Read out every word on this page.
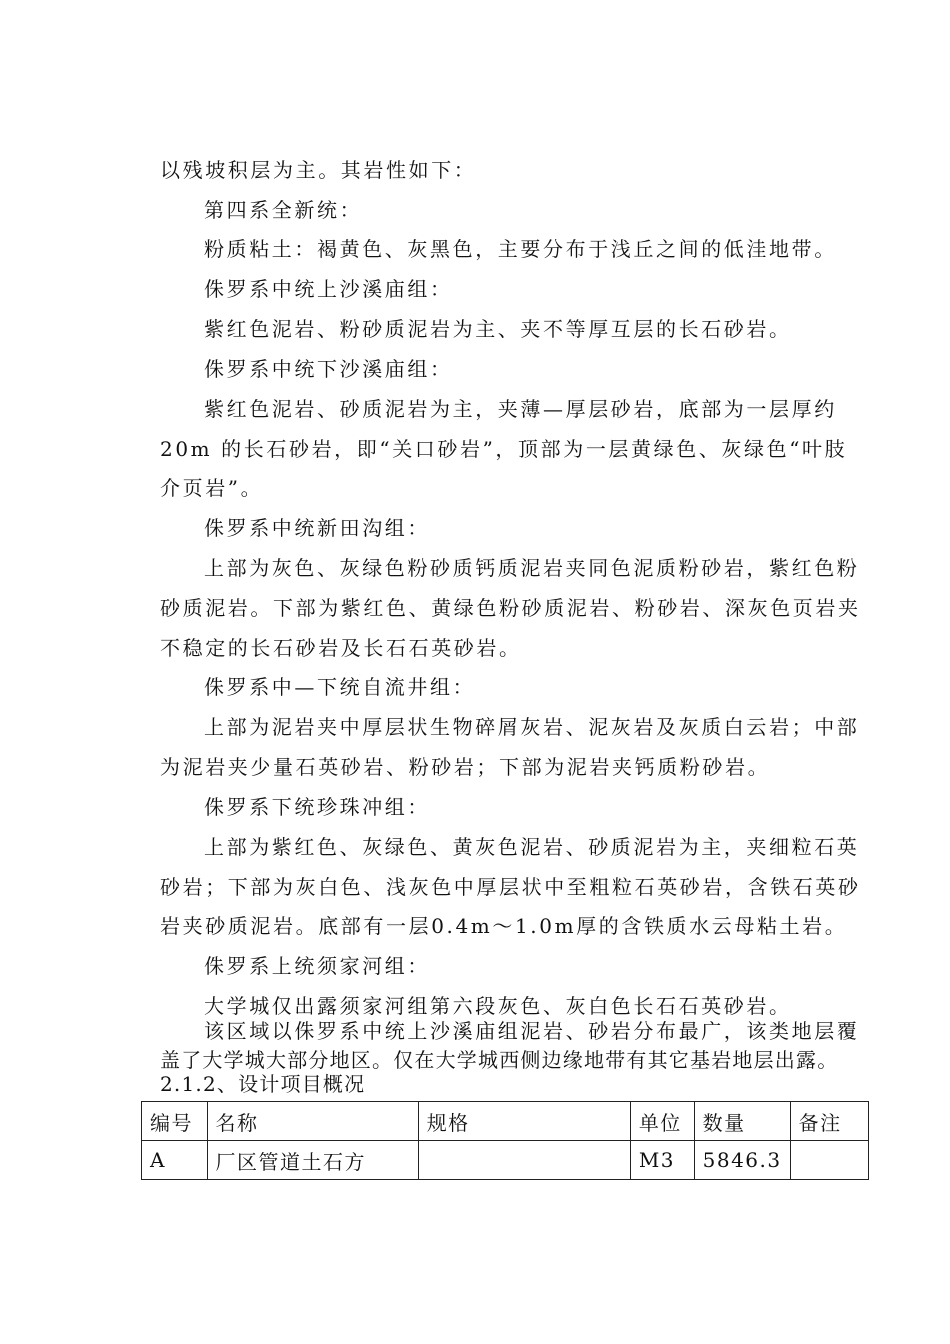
以残坡积层为主。其岩性如下：

第四系全新统：

粉质粘土：褐黄色、灰黑色，主要分布于浅丘之间的低洼地带。

侏罗系中统上沙溪庙组：

紫红色泥岩、粉砂质泥岩为主、夹不等厚互层的长石砂岩。

侏罗系中统下沙溪庙组：

紫红色泥岩、砂质泥岩为主，夹薄—厚层砂岩，底部为一层厚约

20m 的长石砂岩，即“关口砂岩”，顶部为一层黄绿色、灰绿色“叶肢

介页岩”。

侏罗系中统新田沟组：

上部为灰色、灰绿色粉砂质钙质泥岩夹同色泥质粉砂岩，紫红色粉

砂质泥岩。下部为紫红色、黄绿色粉砂质泥岩、粉砂岩、深灰色页岩夹

不稳定的长石砂岩及长石石英砂岩。

侏罗系中—下统自流井组：

上部为泥岩夹中厚层状生物碎屑灰岩、泥灰岩及灰质白云岩；中部

为泥岩夹少量石英砂岩、粉砂岩；下部为泥岩夹钙质粉砂岩。

侏罗系下统珍珠冲组：

上部为紫红色、灰绿色、黄灰色泥岩、砂质泥岩为主，夹细粒石英

砂岩；下部为灰白色、浅灰色中厚层状中至粗粒石英砂岩，含铁石英砂

岩夹砂质泥岩。底部有一层0.4m～1.0m厚的含铁质水云母粘土岩。

侏罗系上统须家河组：

大学城仅出露须家河组第六段灰色、灰白色长石石英砂岩。

该区域以侏罗系中统上沙溪庙组泥岩、砂岩分布最广，该类地层覆

盖了大学城大部分地区。仅在大学城西侧边缘地带有其它基岩地层出露。

2.1.2、设计项目概况

编号	名称	规格	单位	数量	备注
A	厂区管道土石方		M3	5846.3	
